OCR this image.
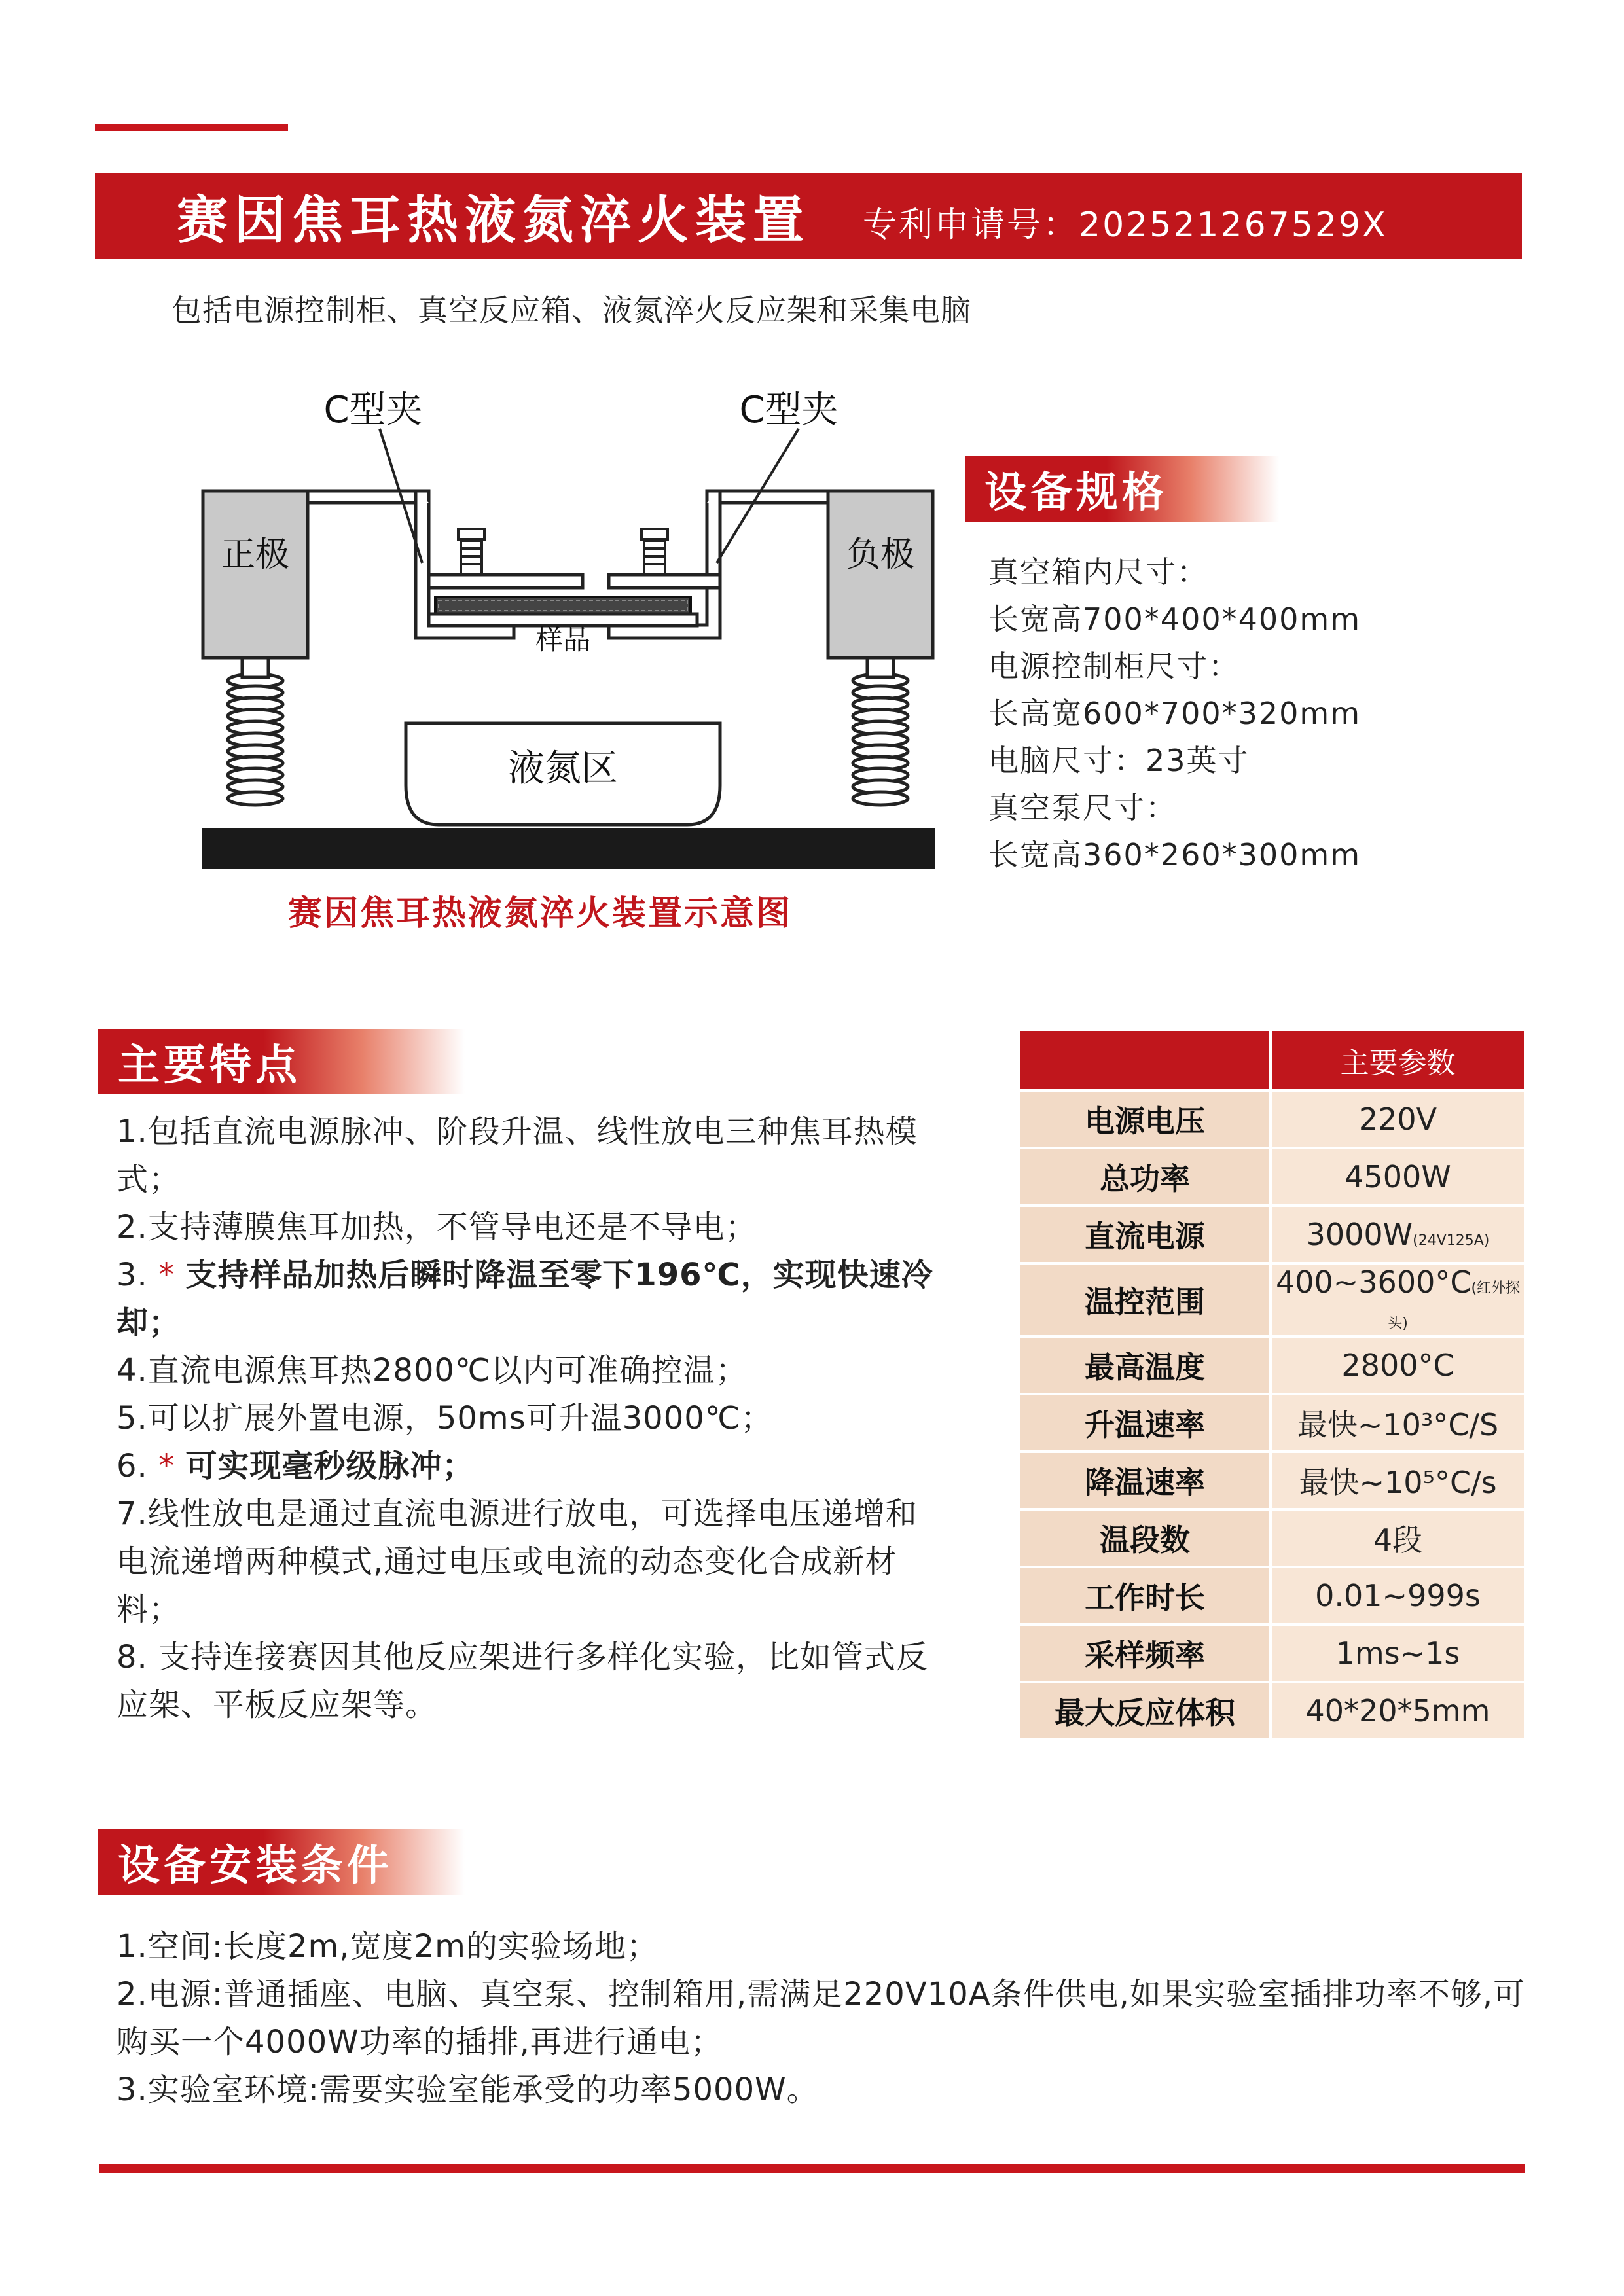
赛因焦耳热液氮淬火装置 专利申请号：202521267529X
包括电源控制柜、真空反应箱、液氮淬火反应架和采集电脑
C型夹	C型夹
正极	负极
样品
液氮区
赛因焦耳热液氮淬火装置示意图
设备规格
真空箱内尺寸：
长宽高700*400*400mm
电源控制柜尺寸：
长高宽600*700*320mm
电脑尺寸：23英寸
真空泵尺寸：
长宽高360*260*300mm
主要特点

1.包括直流电源脉冲、阶段升温、线性放电三种焦耳热模式；

2.支持薄膜焦耳加热，不管导电还是不导电；

3. * 支持样品加热后瞬时降温至零下196℃，实现快速冷却；

4.直流电源焦耳热2800℃以内可准确控温；

5.可以扩展外置电源，50ms可升温3000℃；

6. * 可实现毫秒级脉冲；

7.线性放电是通过直流电源进行放电，可选择电压递增和电流递增两种模式,通过电压或电流的动态变化合成新材料；

8. 支持连接赛因其他反应架进行多样化实验，比如管式反应架、平板反应架等。

	主要参数
电源电压	220V
总功率	4500W
直流电源	3000W(24V125A)
温控范围	400~3600°C(红外探头)
最高温度	2800°C
升温速率	最快~10³°C/S
降温速率	最快~10⁵°C/s
温段数	4段
工作时长	0.01~999s
采样频率	1ms~1s
最大反应体积	40*20*5mm
设备安装条件

1.空间:长度2m,宽度2m的实验场地；

2.电源:普通插座、电脑、真空泵、控制箱用,需满足220V10A条件供电,如果实验室插排功率不够,可购买一个4000W功率的插排,再进行通电；

3.实验室环境:需要实验室能承受的功率5000W。
